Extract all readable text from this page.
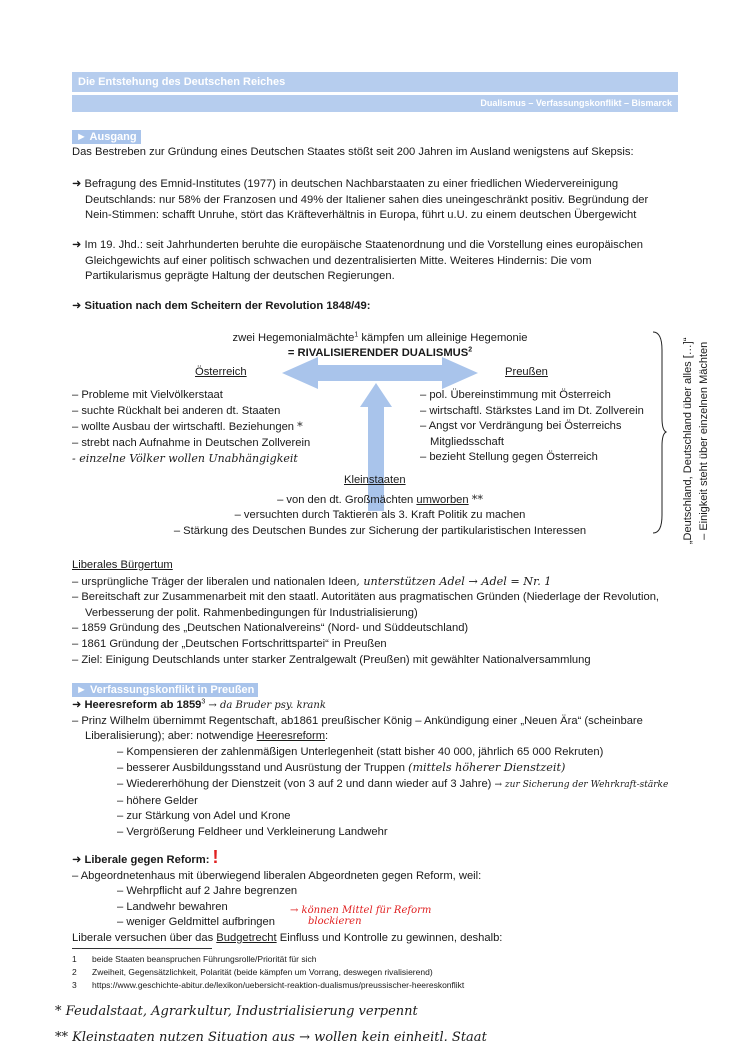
Die Entstehung des Deutschen Reiches
Dualismus – Verfassungskonflikt – Bismarck
► Ausgang
Das Bestreben zur Gründung eines Deutschen Staates stößt seit 200 Jahren im Ausland wenigstens auf Skepsis:
➜ Befragung des Emnid-Institutes (1977) in deutschen Nachbarstaaten zu einer friedlichen Wiedervereinigung
Deutschlands: nur 58% der Franzosen und 49% der Italiener sahen dies uneingeschränkt positiv. Begründung der
Nein-Stimmen: schafft Unruhe, stört das Kräfteverhältnis in Europa, führt u.U. zu einem deutschen Übergewicht
➜ Im 19. Jhd.: seit Jahrhunderten beruhte die europäische Staatenordnung und die Vorstellung eines europäischen
Gleichgewichts auf einer politisch schwachen und dezentralisierten Mitte. Weiteres Hindernis: Die vom
Partikularismus geprägte Haltung der deutschen Regierungen.
➜ Situation nach dem Scheitern der Revolution 1848/49:
zwei Hegemonialmächte$^1$ kämpfen um alleinige Hegemonie
= RIVALISIERENDER DUALISMUS$^2$
Österreich	Preußen
– Probleme mit Vielvölkerstaat
– suchte Rückhalt bei anderen dt. Staaten
– wollte Ausbau der wirtschaftl. Beziehungen *
– strebt nach Aufnahme in Deutschen Zollverein
- einzelne Völker wollen Unabhängigkeit
– pol. Übereinstimmung mit Österreich
– wirtschaftl. Stärkstes Land im Dt. Zollverein
– Angst vor Verdrängung bei Österreichs
Mitgliedsschaft
– bezieht Stellung gegen Österreich
Kleinstaaten
– von den dt. Großmächten umworben **
– versuchten durch Taktieren als 3. Kraft Politik zu machen
– Stärkung des Deutschen Bundes zur Sicherung der partikularistischen Interessen	„Deutschland, Deutschland über alles […]“ – Einigkeit steht über einzelnen Mächten
Liberales Bürgertum
– ursprüngliche Träger der liberalen und nationalen Ideen, unterstützen Adel → Adel = Nr. 1
– Bereitschaft zur Zusammenarbeit mit den staatl. Autoritäten aus pragmatischen Gründen (Niederlage der Revolution,
Verbesserung der polit. Rahmenbedingungen für Industrialisierung)
– 1859 Gründung des „Deutschen Nationalvereins“ (Nord- und Süddeutschland)
– 1861 Gründung der „Deutschen Fortschrittspartei“ in Preußen
– Ziel: Einigung Deutschlands unter starker Zentralgewalt (Preußen) mit gewählter Nationalversammlung
► Verfassungskonflikt in Preußen
➜ Heeresreform ab $1859^3$ → da Bruder psy. krank
– Prinz Wilhelm übernimmt Regentschaft, ab1861 preußischer König – Ankündigung einer „Neuen Ära“ (scheinbare
Liberalisierung); aber: notwendige Heeresreform:
– Kompensieren der zahlenmäßigen Unterlegenheit (statt bisher 40 000, jährlich 65 000 Rekruten)
– besserer Ausbildungsstand und Ausrüstung der Truppen (mittels höherer Dienstzeit)
– Wiedererhöhung der Dienstzeit (von 3 auf 2 und dann wieder auf 3 Jahre) → zur Sicherung der Wehrkraft-stärke
– höhere Gelder
– zur Stärkung von Adel und Krone
– Vergrößerung Feldheer und Verkleinerung Landwehr
➜ Liberale gegen Reform: !
– Abgeordnetenhaus mit überwiegend liberalen Abgeordneten gegen Reform, weil:
– Wehrpflicht auf 2 Jahre begrenzen
– Landwehr bewahren
– weniger Geldmittel aufbringen
Liberale versuchen über das Budgetrecht Einfluss und Kontrolle zu gewinnen, deshalb:
→ können Mittel für Reform
blockieren
1 beide Staaten beanspruchen Führungsrolle/Priorität für sich
2 Zweiheit, Gegensätzlichkeit, Polarität (beide kämpfen um Vorrang, deswegen rivalisierend)
3 https://www.geschichte-abitur.de/lexikon/uebersicht-reaktion-dualismus/preussischer-heereskonflikt
* Feudalstaat, Agrarkultur, Industrialisierung verpennt
** Kleinstaaten nutzen Situation aus → wollen kein einheitl. Staat
